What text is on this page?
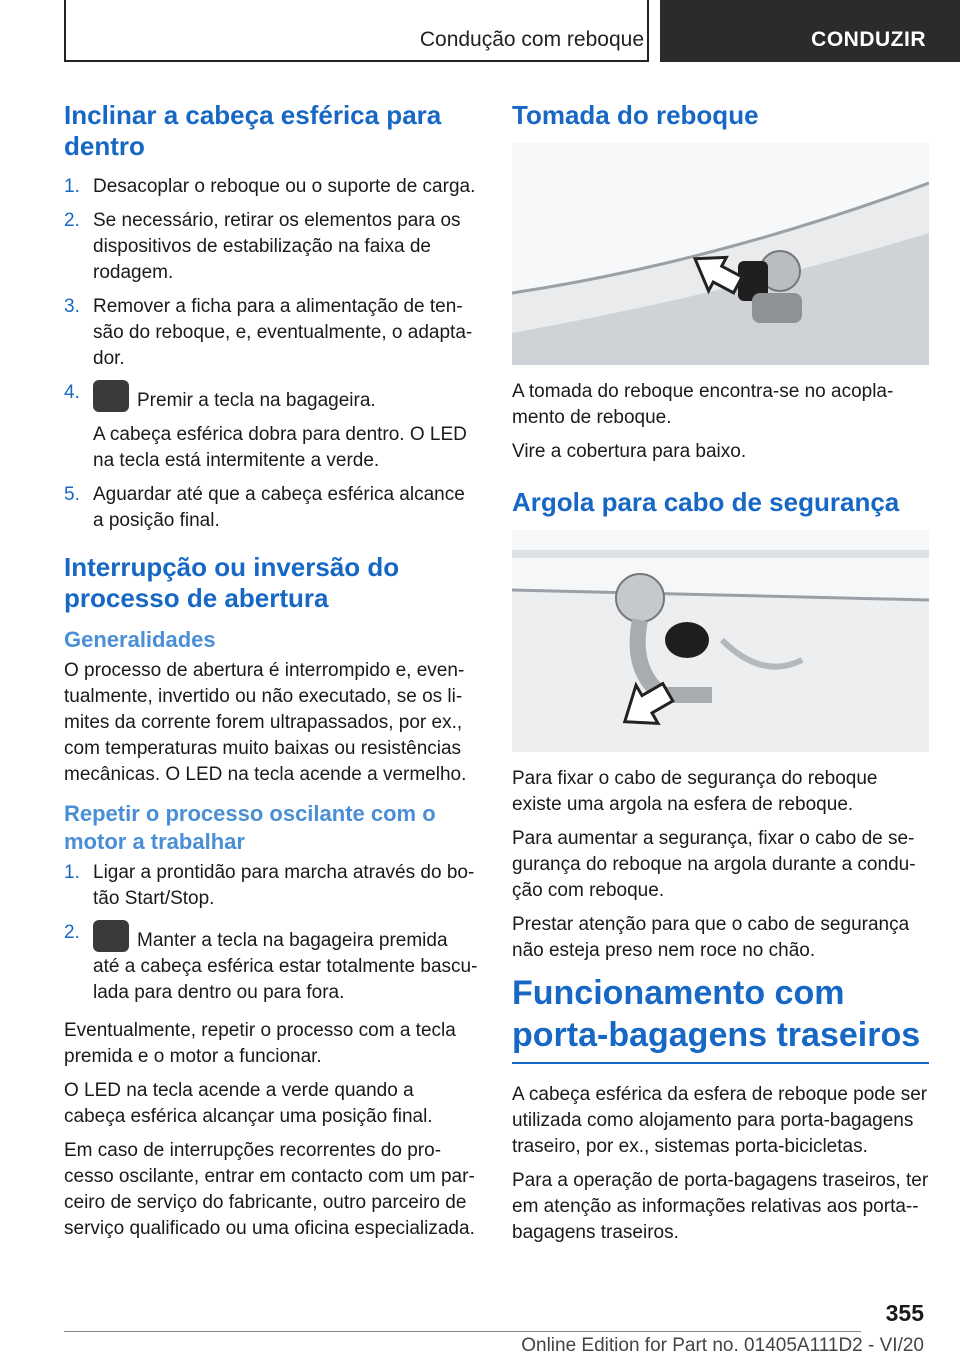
Condução com reboque	CONDUZIR
Inclinar a cabeça esférica para dentro
1. Desacoplar o reboque ou o suporte de carga.
2. Se necessário, retirar os elementos para os dispositivos de estabilização na faixa de rodagem.
3. Remover a ficha para a alimentação de tensão do reboque, e, eventualmente, o adaptador.
4.	Premir a tecla na bagageira.
A cabeça esférica dobra para dentro. O LED na tecla está intermitente a verde.
5. Aguardar até que a cabeça esférica alcance a posição final.
Interrupção ou inversão do processo de abertura
Generalidades

O processo de abertura é interrompido e, eventualmente, invertido ou não executado, se os limites da corrente forem ultrapassados, por ex., com temperaturas muito baixas ou resistências mecânicas. O LED na tecla acende a vermelho.

Repetir o processo oscilante com o motor a trabalhar
1. Ligar a prontidão para marcha através do botão Start/Stop.
2.	Manter a tecla na bagageira premida até a cabeça esférica estar totalmente basculada para dentro ou para fora.

Eventualmente, repetir o processo com a tecla premida e o motor a funcionar.

O LED na tecla acende a verde quando a cabeça esférica alcançar uma posição final.

Em caso de interrupções recorrentes do processo oscilante, entrar em contacto com um parceiro de serviço do fabricante, outro parceiro de serviço qualificado ou uma oficina especializada.

Tomada do reboque

A tomada do reboque encontra-se no acoplamento de reboque.

Vire a cobertura para baixo.

Argola para cabo de segurança

Para fixar o cabo de segurança do reboque existe uma argola na esfera de reboque.

Para aumentar a segurança, fixar o cabo de segurança do reboque na argola durante a condução com reboque.

Prestar atenção para que o cabo de segurança não esteja preso nem roce no chão.

Funcionamento com porta-bagagens traseiros

A cabeça esférica da esfera de reboque pode ser utilizada como alojamento para porta-bagagens traseiro, por ex., sistemas porta-bicicletas.

Para a operação de porta-bagagens traseiros, ter em atenção as informações relativas aos porta-bagagens traseiros.

355
Online Edition for Part no. 01405A111D2 - VI/20
